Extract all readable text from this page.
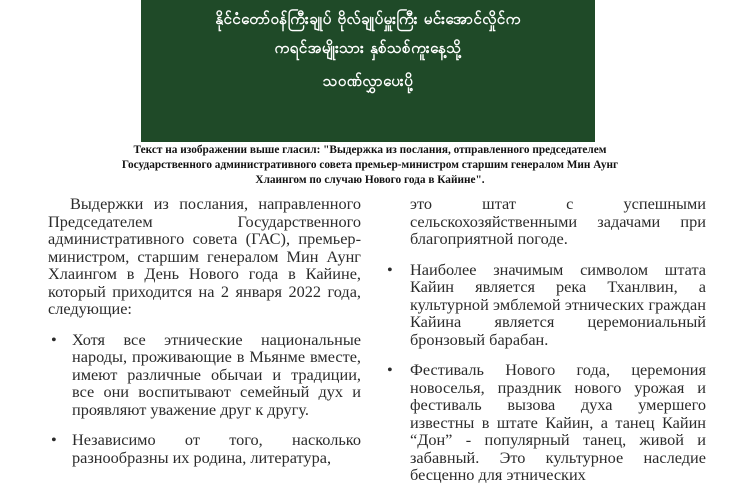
နိုင်ငံတော်ဝန်ကြီးချုပ် ဗိုလ်ချုပ်မှူးကြီး မင်းအောင်လှိုင်က
ကရင်အမျိုးသား နှစ်သစ်ကူးနေ့သို့
သဝဏ်လွှာပေးပို့
Текст на изображении выше гласил: "Выдержка из послания, отправленного председателем Государственного административного совета премьер-министром старшим генералом Мин Аунг Хлаингом по случаю Нового года в Кайине".

Выдержки из послания, направленного Председателем Государственного административного совета (ГАС), премьер-министром, старшим генералом Мин Аунг Хлаингом в День Нового года в Кайине, который приходится на 2 января 2022 года, следующие:

• Хотя все этнические национальные народы, проживающие в Мьянме вместе, имеют различные обычаи и традиции, все они воспитывают семейный дух и проявляют уважение друг к другу.
• Независимо от того, насколько разнообразны их родина, литература,

это штат с успешными сельскохозяйственными задачами при благоприятной погоде.

• Наиболее значимым символом штата Кайин является река Тханлвин, а культурной эмблемой этнических граждан Кайина является церемониальный бронзовый барабан.
• Фестиваль Нового года, церемония новоселья, праздник нового урожая и фестиваль вызова духа умершего известны в штате Кайин, а танец Кайин “Дон” - популярный танец, живой и забавный. Это культурное наследие бесценно для этнических
